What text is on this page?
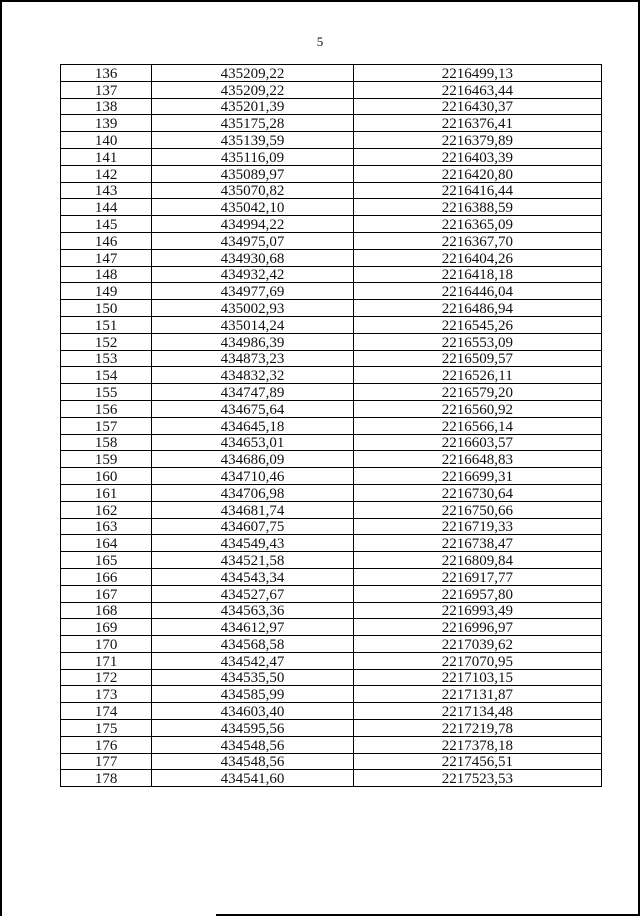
5
136	435209,22	2216499,13
137	435209,22	2216463,44
138	435201,39	2216430,37
139	435175,28	2216376,41
140	435139,59	2216379,89
141	435116,09	2216403,39
142	435089,97	2216420,80
143	435070,82	2216416,44
144	435042,10	2216388,59
145	434994,22	2216365,09
146	434975,07	2216367,70
147	434930,68	2216404,26
148	434932,42	2216418,18
149	434977,69	2216446,04
150	435002,93	2216486,94
151	435014,24	2216545,26
152	434986,39	2216553,09
153	434873,23	2216509,57
154	434832,32	2216526,11
155	434747,89	2216579,20
156	434675,64	2216560,92
157	434645,18	2216566,14
158	434653,01	2216603,57
159	434686,09	2216648,83
160	434710,46	2216699,31
161	434706,98	2216730,64
162	434681,74	2216750,66
163	434607,75	2216719,33
164	434549,43	2216738,47
165	434521,58	2216809,84
166	434543,34	2216917,77
167	434527,67	2216957,80
168	434563,36	2216993,49
169	434612,97	2216996,97
170	434568,58	2217039,62
171	434542,47	2217070,95
172	434535,50	2217103,15
173	434585,99	2217131,87
174	434603,40	2217134,48
175	434595,56	2217219,78
176	434548,56	2217378,18
177	434548,56	2217456,51
178	434541,60	2217523,53
